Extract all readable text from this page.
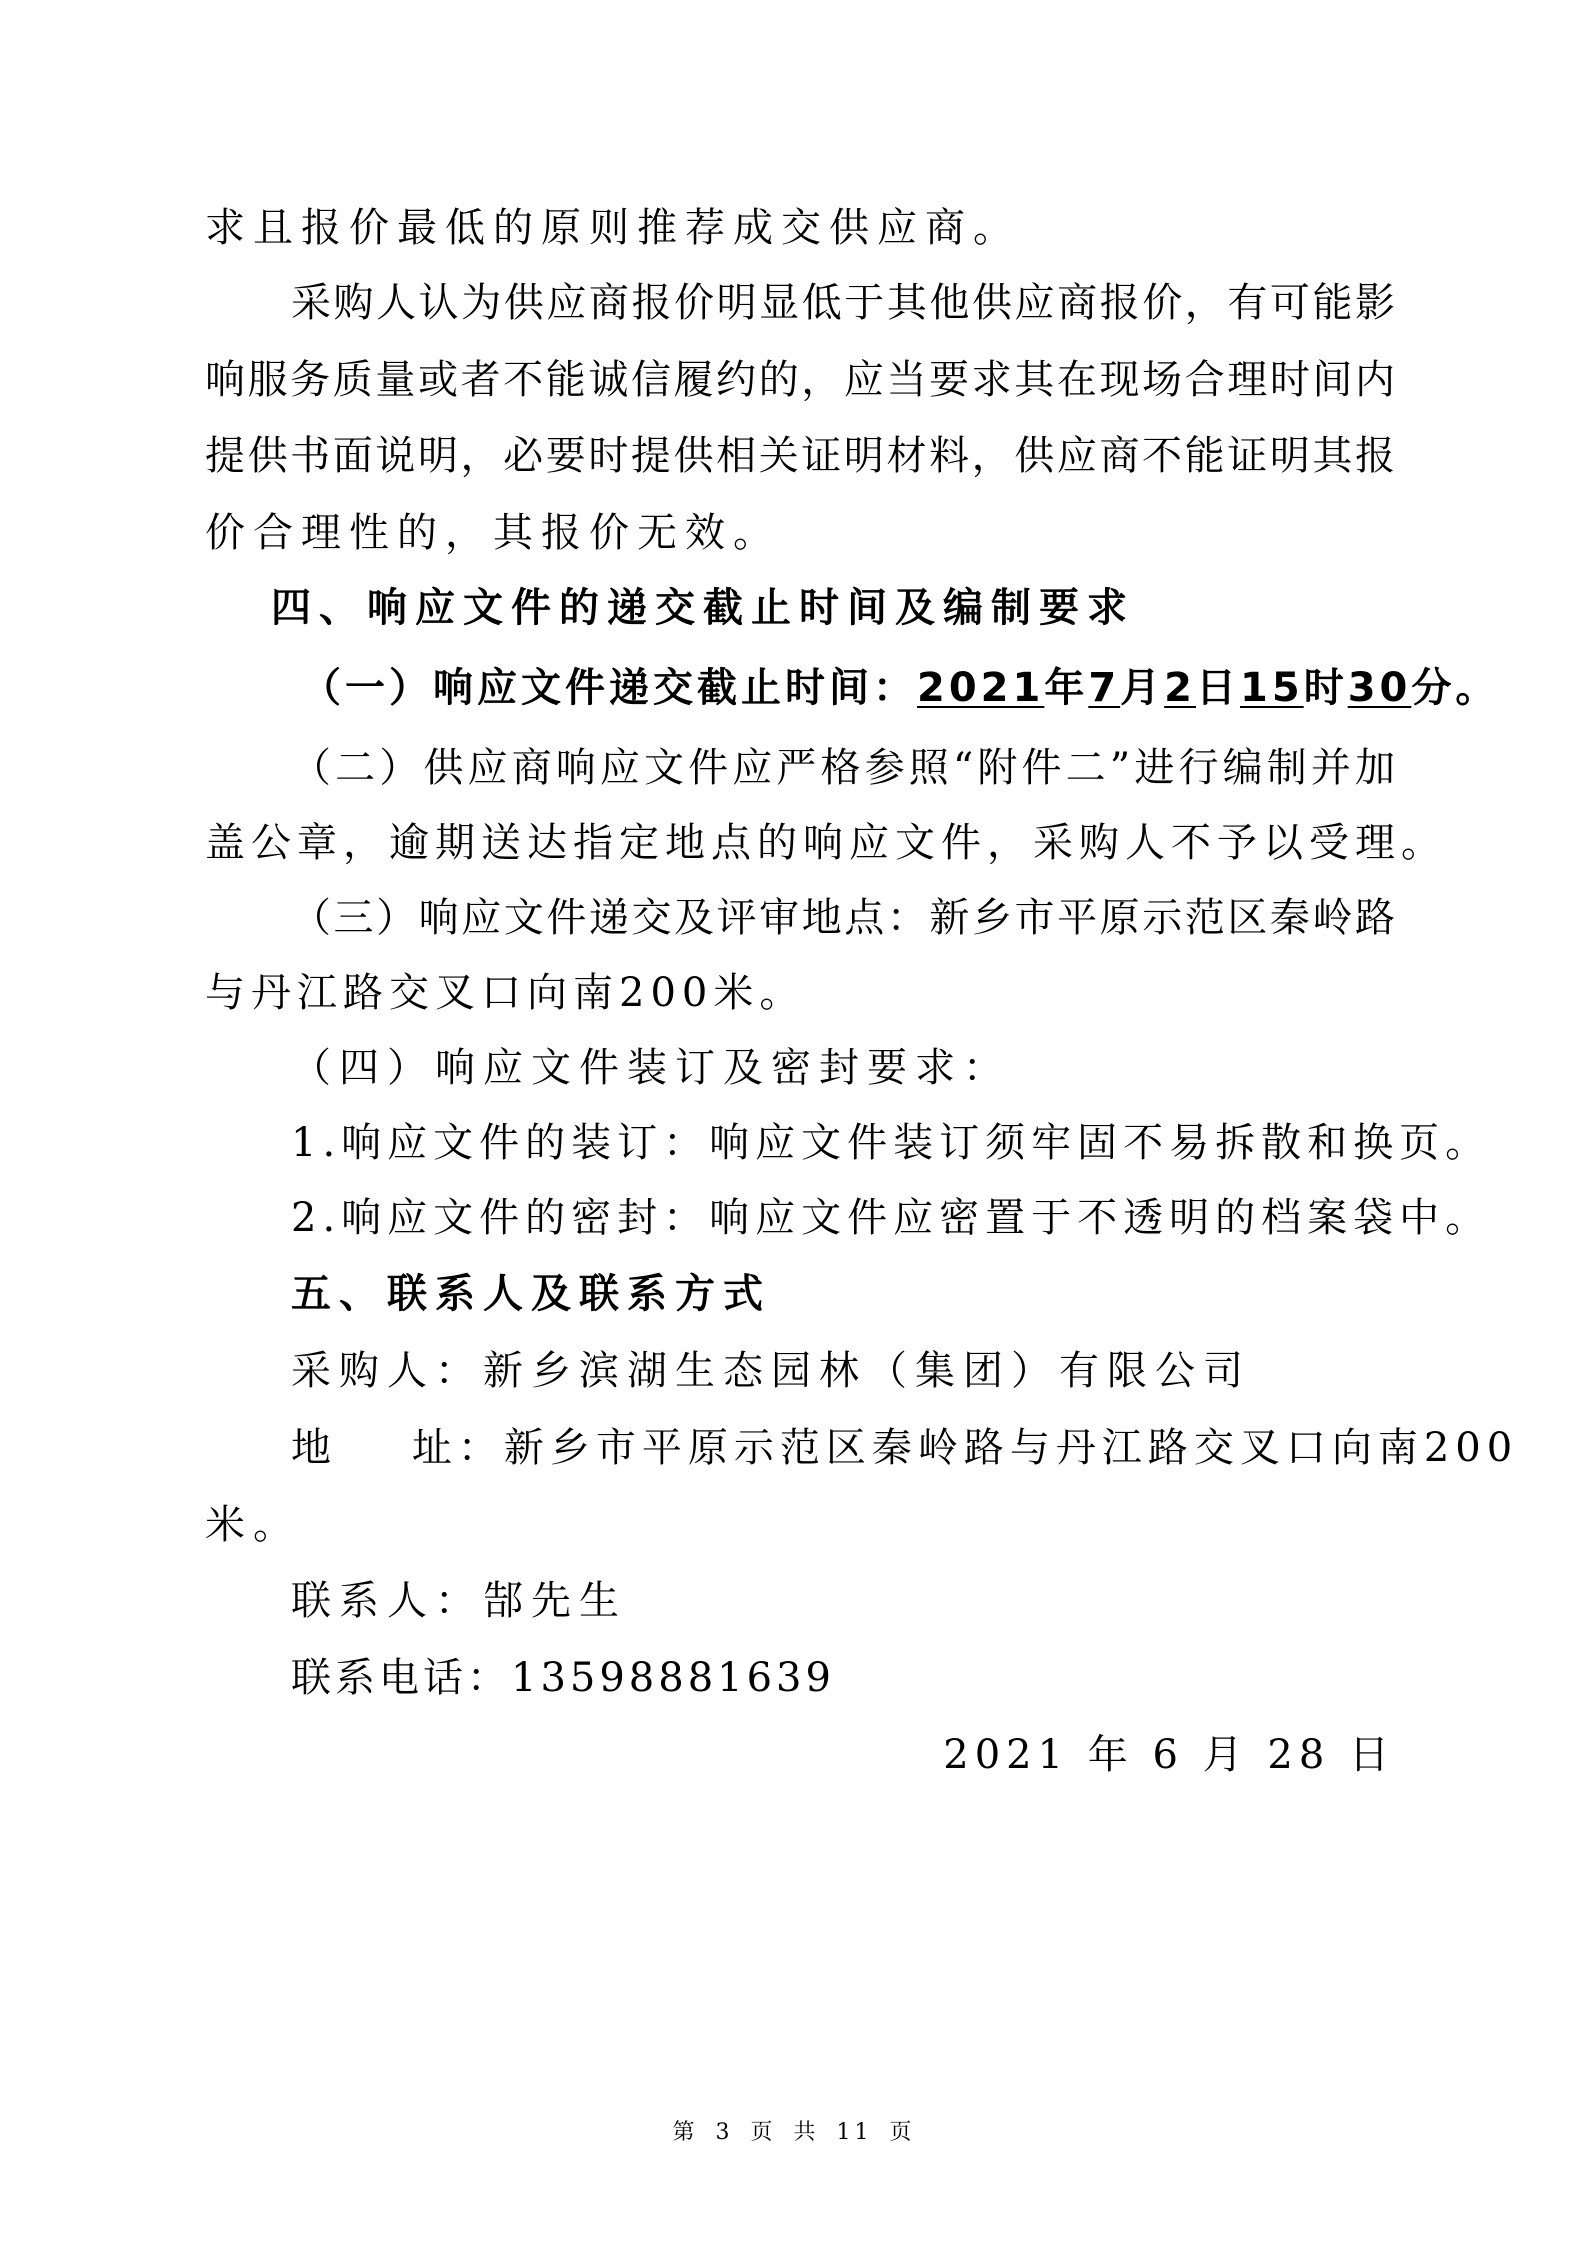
求且报价最低的原则推荐成交供应商。
采购人认为供应商报价明显低于其他供应商报价，有可能影
响服务质量或者不能诚信履约的，应当要求其在现场合理时间内
提供书面说明，必要时提供相关证明材料，供应商不能证明其报
价合理性的，其报价无效。
四、响应文件的递交截止时间及编制要求
（一）响应文件递交截止时间：2021年7月2日15时30分。
（二）供应商响应文件应严格参照“附件二”进行编制并加
盖公章，逾期送达指定地点的响应文件，采购人不予以受理。
（三）响应文件递交及评审地点：新乡市平原示范区秦岭路
与丹江路交叉口向南200米。
（四）响应文件装订及密封要求：
1.响应文件的装订：响应文件装订须牢固不易拆散和换页。
2.响应文件的密封：响应文件应密置于不透明的档案袋中。
五、联系人及联系方式
采购人：新乡滨湖生态园林（集团）有限公司
地    址：新乡市平原示范区秦岭路与丹江路交叉口向南200
米。
联系人：郜先生
联系电话：13598881639
2021 年 6 月 28 日
第 3 页 共 11 页
